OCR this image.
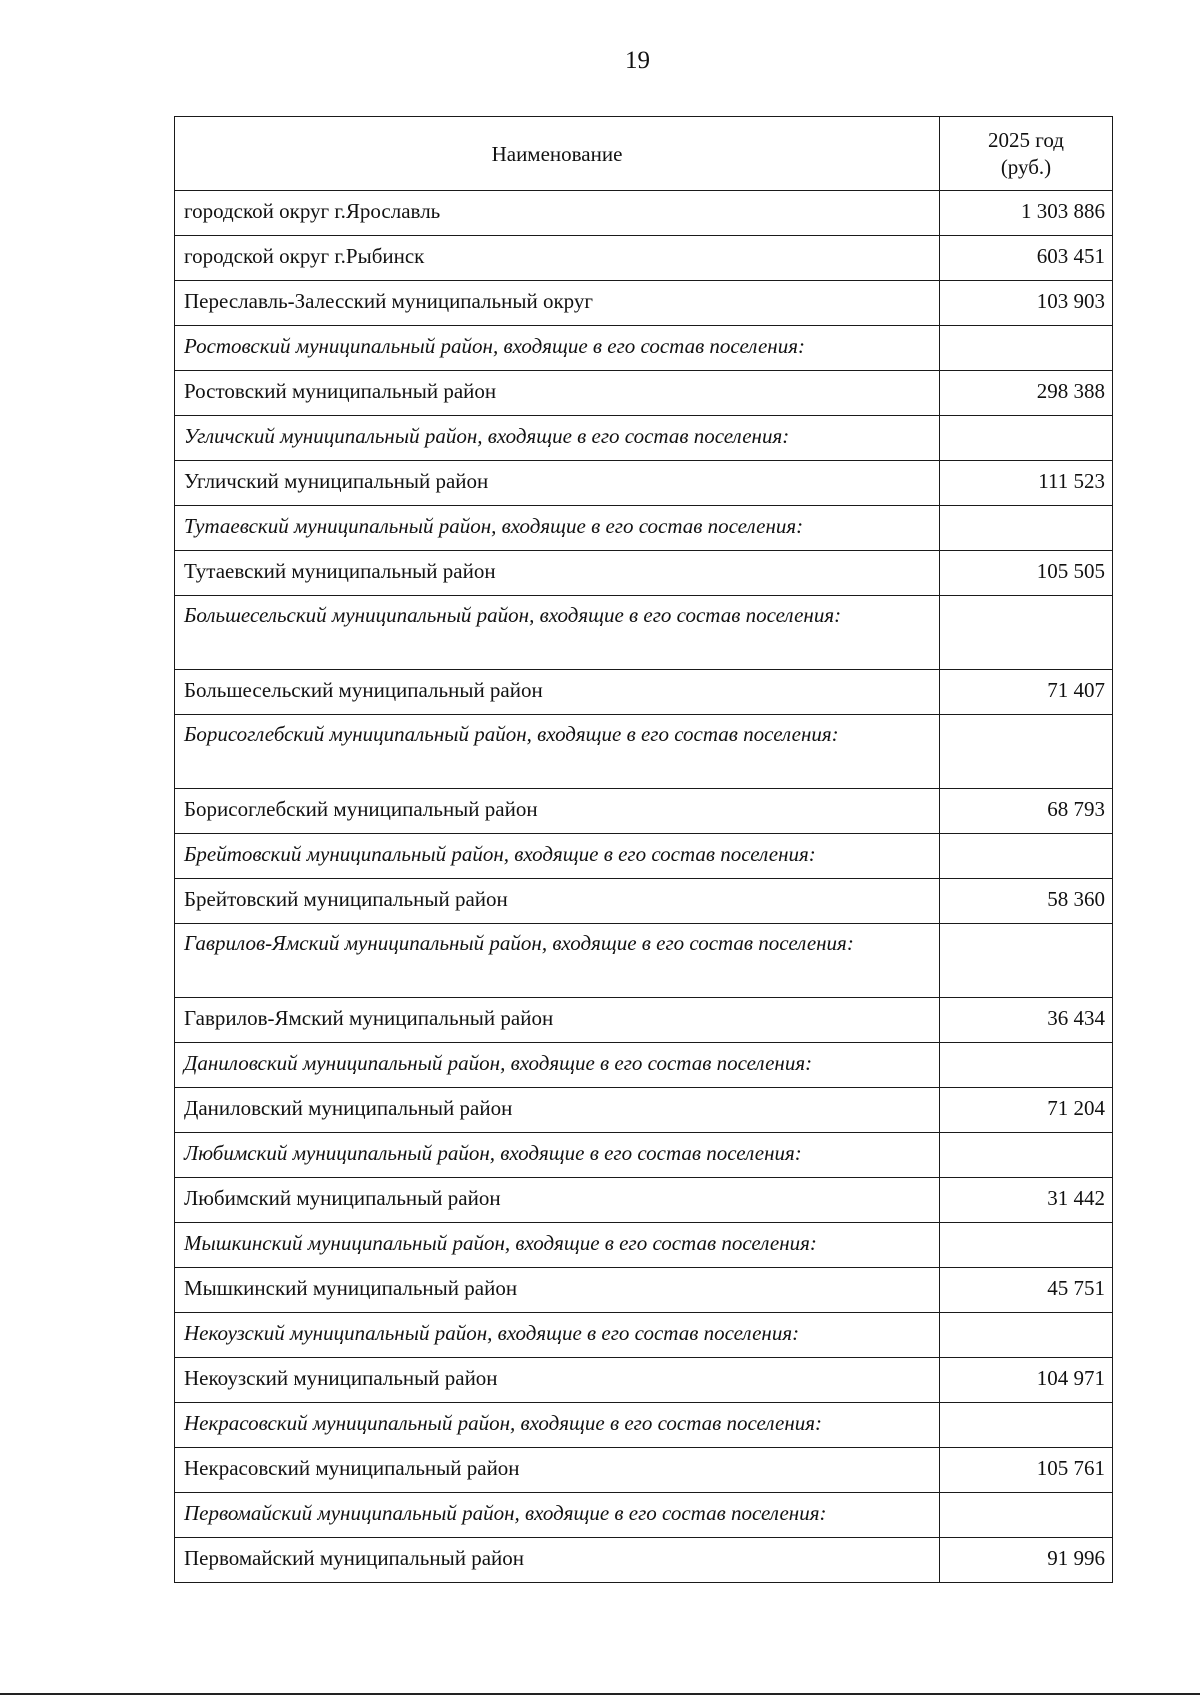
19
Наименование	2025 год
(руб.)

городской округ г.Ярославль	1 303 886
городской округ г.Рыбинск	603 451
Переславль-Залесский муниципальный округ	103 903
Ростовский муниципальный район, входящие в его состав поселения:	
Ростовский муниципальный район	298 388
Угличский муниципальный район, входящие в его состав поселения:	
Угличский муниципальный район	111 523
Тутаевский муниципальный район, входящие в его состав поселения:	
Тутаевский муниципальный район	105 505
Большесельский муниципальный район, входящие в его состав поселения:	
Большесельский муниципальный район	71 407
Борисоглебский муниципальный район, входящие в его состав поселения:	
Борисоглебский муниципальный район	68 793
Брейтовский муниципальный район, входящие в его состав поселения:	
Брейтовский муниципальный район	58 360
Гаврилов-Ямский муниципальный район, входящие в его состав поселения:	
Гаврилов-Ямский муниципальный район	36 434
Даниловский муниципальный район, входящие в его состав поселения:	
Даниловский муниципальный район	71 204
Любимский муниципальный район, входящие в его состав поселения:	
Любимский муниципальный район	31 442
Мышкинский муниципальный район, входящие в его состав поселения:	
Мышкинский муниципальный район	45 751
Некоузский муниципальный район, входящие в его состав поселения:	
Некоузский муниципальный район	104 971
Некрасовский муниципальный район, входящие в его состав поселения:	
Некрасовский муниципальный район	105 761
Первомайский муниципальный район, входящие в его состав поселения:	
Первомайский муниципальный район	91 996
